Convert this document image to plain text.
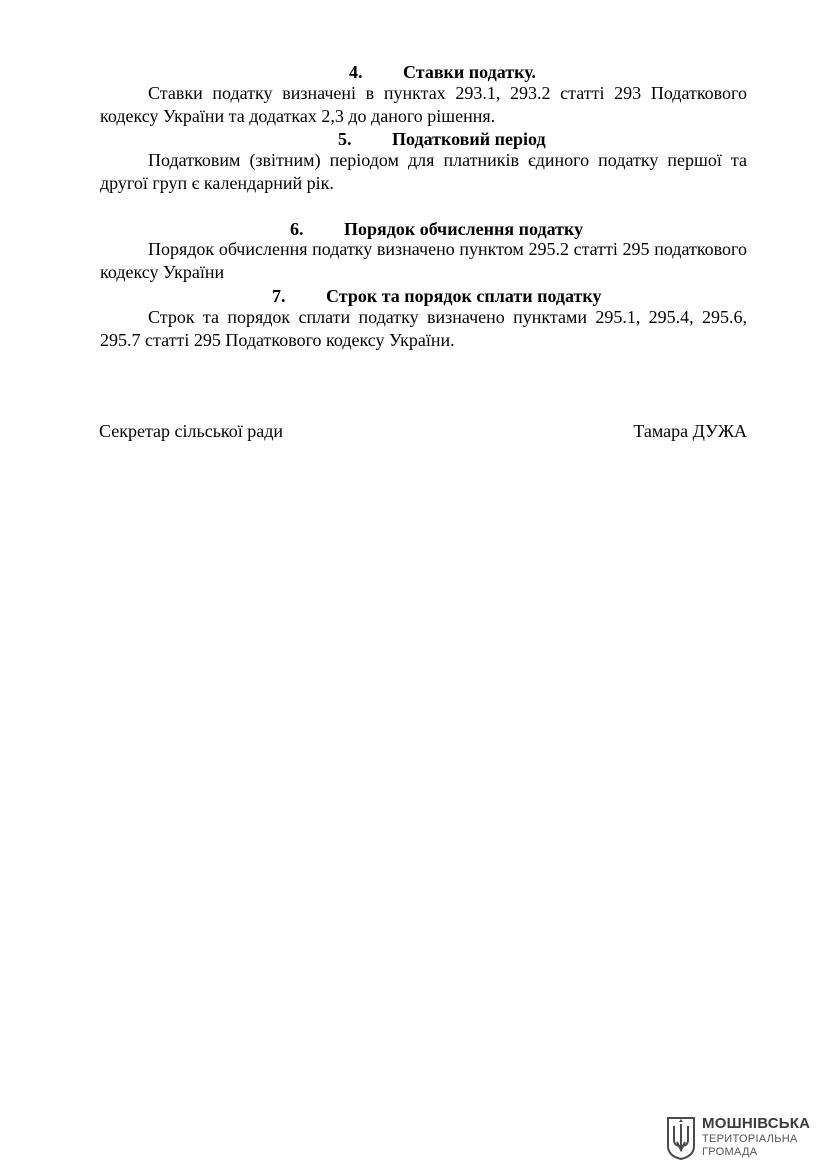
4. Ставки податку.

Ставки податку визначені в пунктах 293.1, 293.2 статті 293 Податкового кодексу України та додатках 2,3 до даного рішення.

5. Податковий період

Податковим (звітним) періодом для платників єдиного податку першої та другої груп є календарний рік.

6. Порядок обчислення податку

Порядок обчислення податку визначено пунктом 295.2 статті 295 податкового кодексу України

7. Строк та порядок сплати податку

Строк та порядок сплати податку визначено пунктами 295.1, 295.4, 295.6, 295.7 статті 295 Податкового кодексу України.

Секретар сільської ради	Тамара ДУЖА
МОШНІВСЬКА
ТЕРИТОРІАЛЬНА
ГРОМАДА
